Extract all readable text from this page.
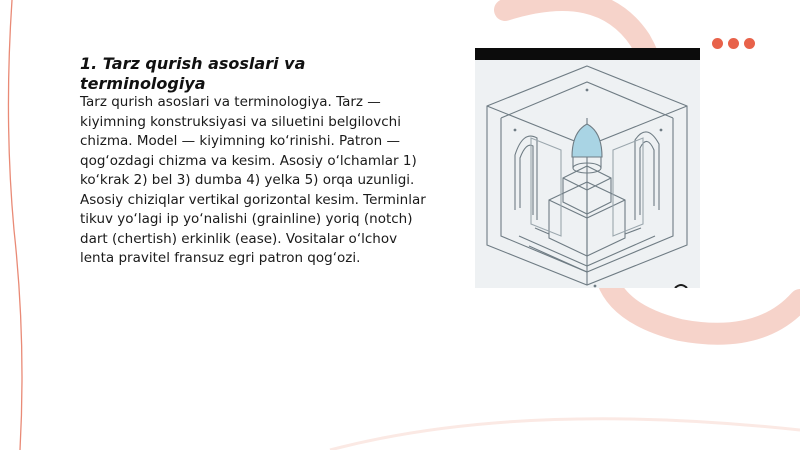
1. Tarz qurish asoslari va terminologiya

Tarz qurish asoslari va terminologiya. Tarz — kiyimning konstruksiyasi va siluetini belgilovchi chizma. Model — kiyimning ko‘rinishi. Patron — qog‘ozdagi chizma va kesim. Asosiy o‘lchamlar 1) ko‘krak 2) bel 3) dumba 4) yelka 5) orqa uzunligi. Asosiy chiziqlar vertikal gorizontal kesim. Terminlar tikuv yo‘lagi ip yo‘nalishi (grainline) yoriq (notch) dart (chertish) erkinlik (ease). Vositalar o‘lchov lenta pravitel fransuz egri patron qog‘ozi.
